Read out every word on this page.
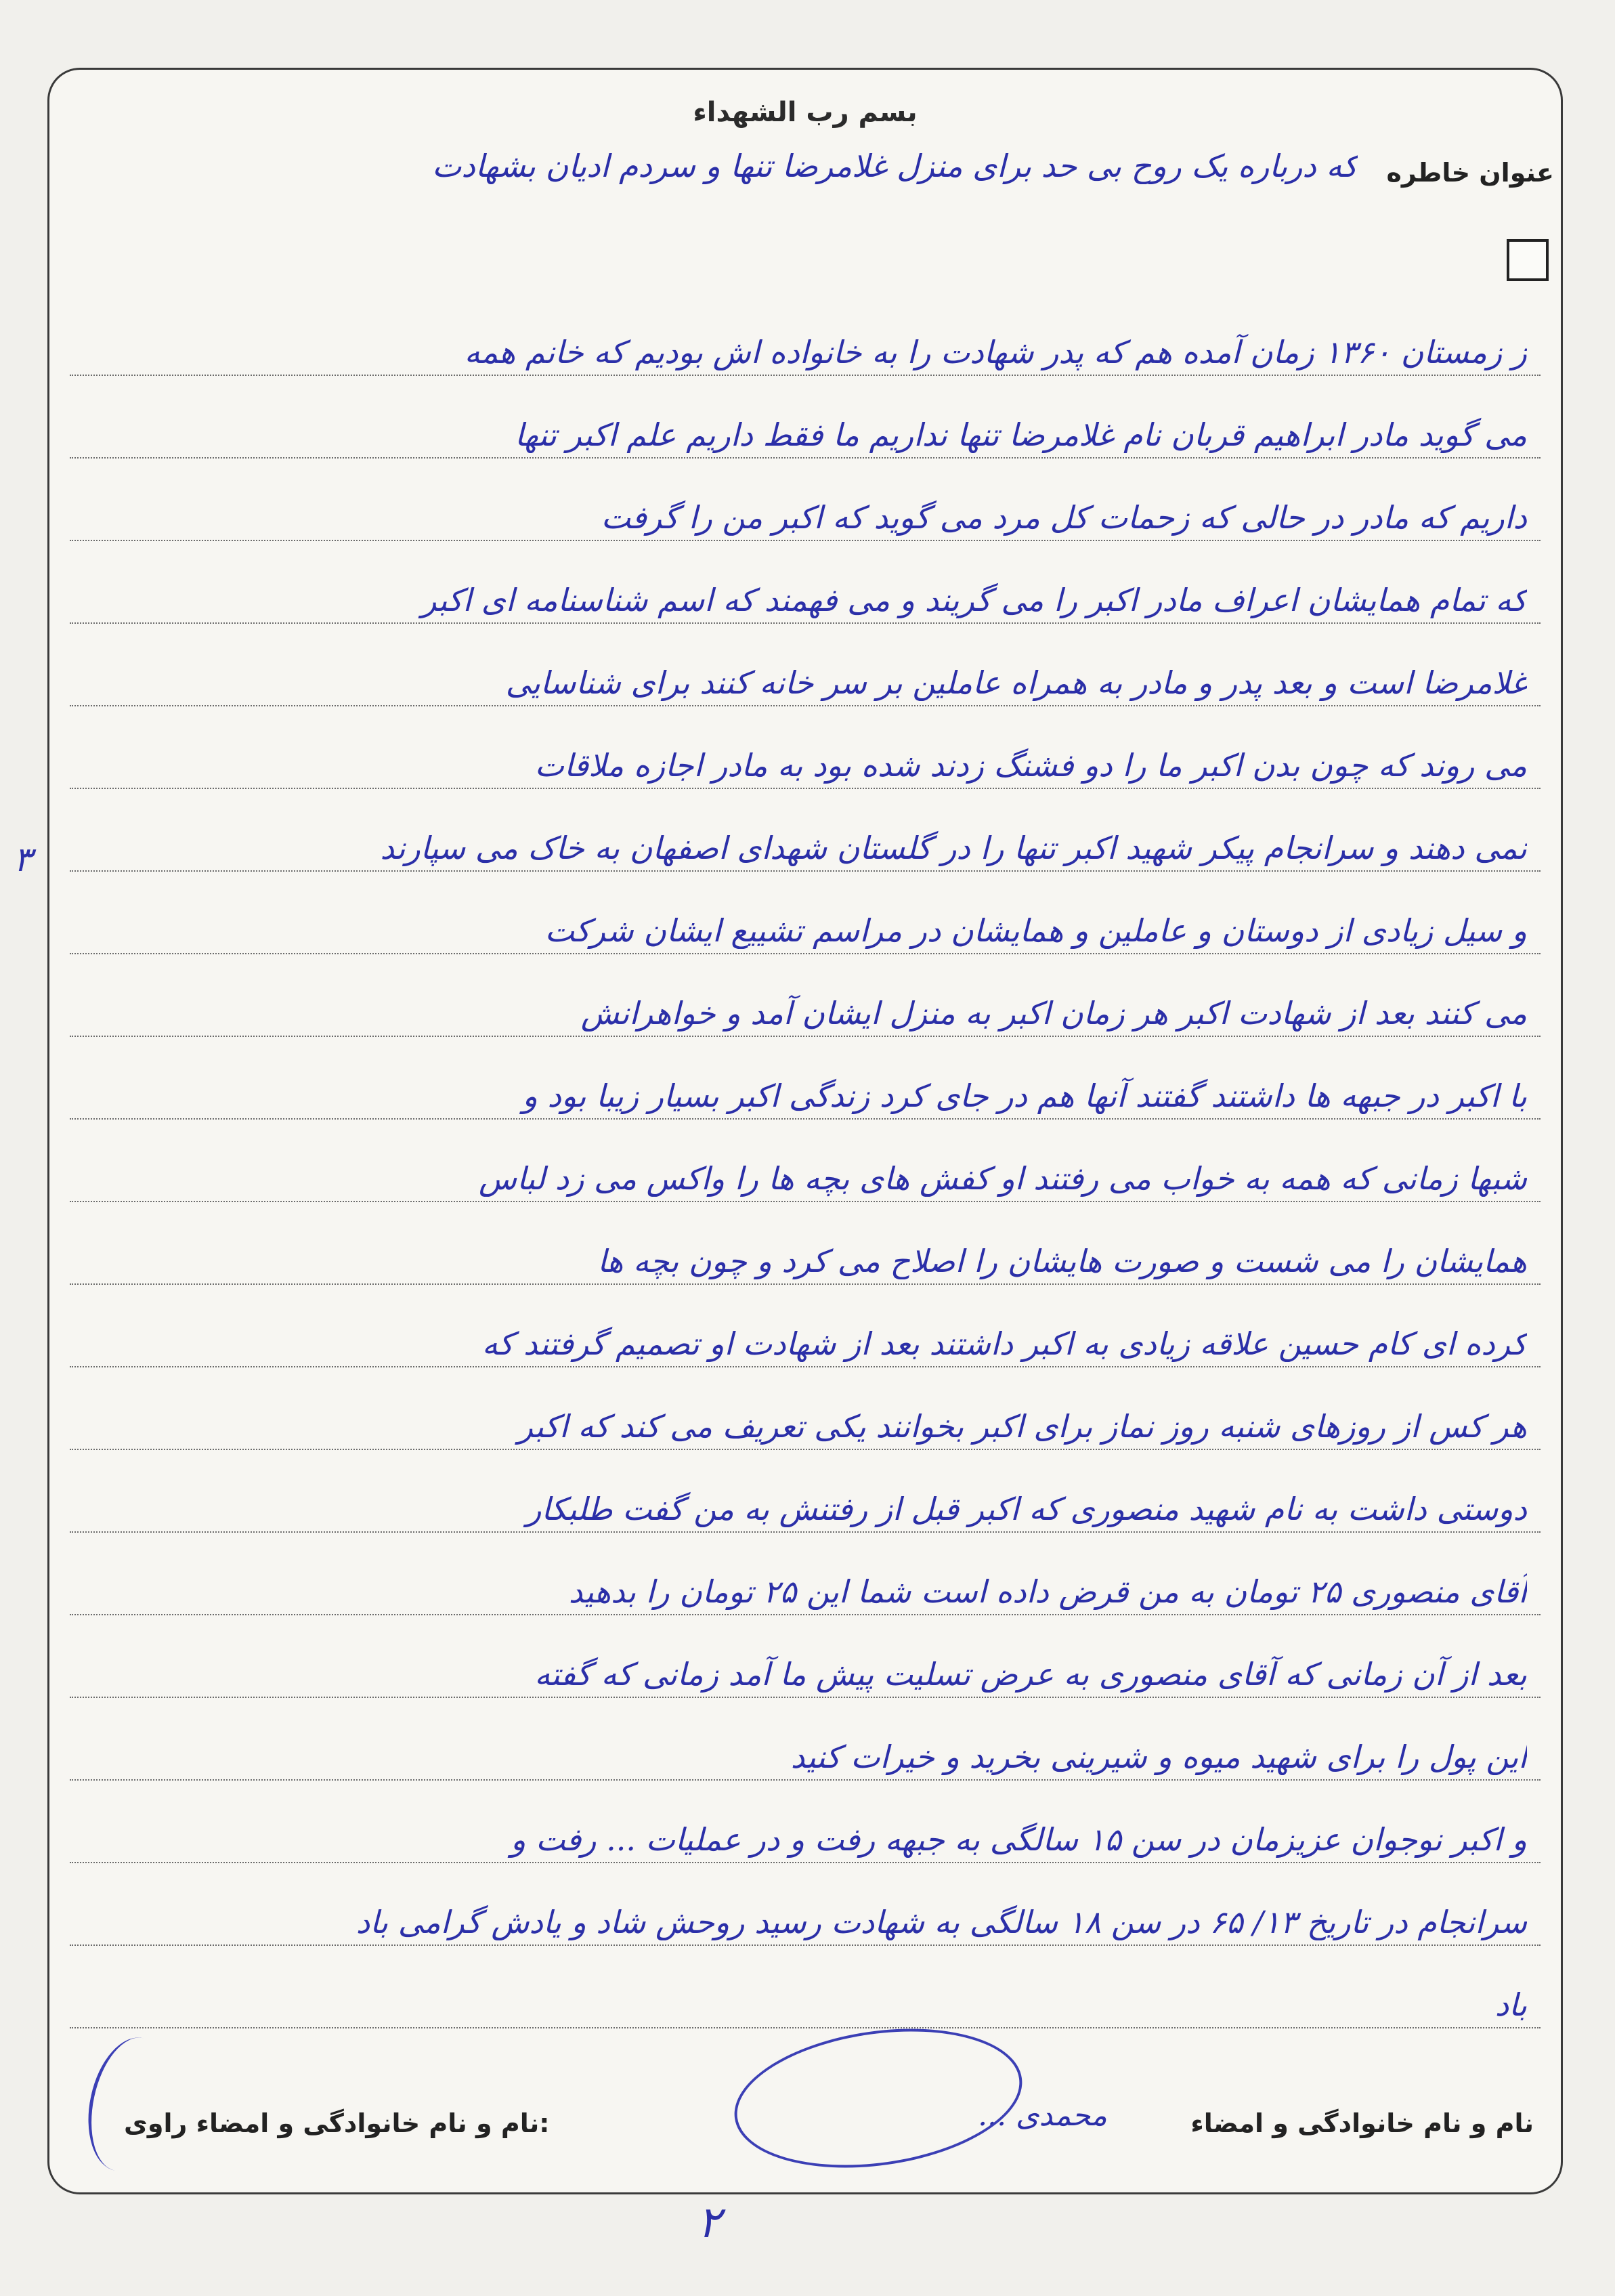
بسم رب الشهداء
عنوان خاطره
که درباره یک روح بی حد برای منزل غلامرضا تنها و سردم ادیان بشهادت
ز زمستان ۱۳۶۰ زمان آمده هم که پدر شهادت را به خانواده اش بودیم که خانم همه
می گوید مادر ابراهیم قربان نام غلامرضا تنها نداریم ما فقط داریم علم اکبر تنها
داریم که مادر در حالی که زحمات کل مرد می گوید که اکبر من را گرفت
که تمام همایشان اعراف مادر اکبر را می گریند و می فهمند که اسم شناسنامه ای اکبر
غلامرضا است و بعد پدر و مادر به همراه عاملین بر سر خانه کنند برای شناسایی
می روند که چون بدن اکبر ما را دو فشنگ زدند شده بود به مادر اجازه ملاقات
نمی دهند و سرانجام پیکر شهید اکبر تنها را در گلستان شهدای اصفهان به خاک می سپارند
و سیل زیادی از دوستان و عاملین و همایشان در مراسم تشییع ایشان شرکت
می کنند بعد از شهادت اکبر هر زمان اکبر به منزل ایشان آمد و خواهرانش
با اکبر در جبهه ها داشتند گفتند آنها هم در جای کرد زندگی اکبر بسیار زیبا بود و
شبها زمانی که همه به خواب می رفتند او کفش های بچه ها را واکس می زد لباس
همایشان را می شست و صورت هایشان را اصلاح می کرد و چون بچه ها
کرده ای کام حسین علاقه زیادی به اکبر داشتند بعد از شهادت او تصمیم گرفتند که
هر کس از روزهای شنبه روز نماز برای اکبر بخوانند یکی تعریف می کند که اکبر
دوستی داشت به نام شهید منصوری که اکبر قبل از رفتنش به من گفت طلبکار
آقای منصوری ۲۵ تومان به من قرض داده است شما این ۲۵ تومان را بدهید
بعد از آن زمانی که آقای منصوری به عرض تسلیت پیش ما آمد زمانی که گفته
این پول را برای شهید میوه و شیرینی بخرید و خیرات کنید
و اکبر نوجوان عزیزمان در سن ۱۵ سالگی به جبهه رفت و در عملیات ... رفت و
سرانجام در تاریخ ۱۳/ ۶۵ در سن ۱۸ سالگی به شهادت رسید روحش شاد و یادش گرامی باد
باد
نام و نام خانوادگی و امضاء
... محمدی
نام و نام خانوادگی و امضاء راوی:
۳
۲
